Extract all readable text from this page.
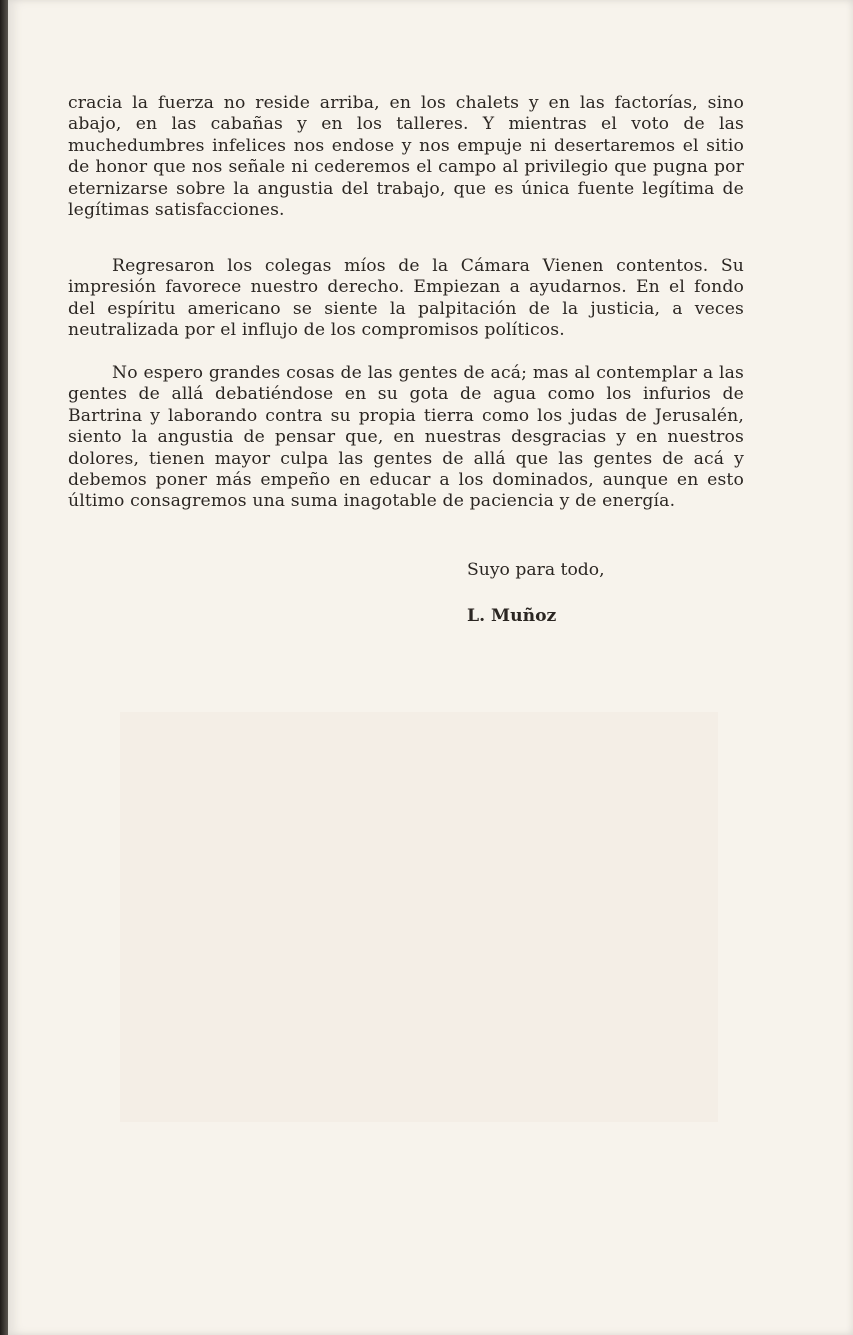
cracia la fuerza no reside arriba, en los chalets y en las factorías, sino abajo, en las cabañas y en los talleres. Y mientras el voto de las muchedumbres infelices nos endose y nos empuje ni desertaremos el sitio de honor que nos señale ni cederemos el campo al privilegio que pugna por eternizarse sobre la angustia del trabajo, que es única fuente legítima de legítimas satisfacciones.

Regresaron los colegas míos de la Cámara Vienen contentos. Su impresión favorece nuestro derecho. Empiezan a ayudarnos. En el fondo del espíritu americano se siente la palpitación de la justicia, a veces neutralizada por el influjo de los compromisos políticos.

No espero grandes cosas de las gentes de acá; mas al contemplar a las gentes de allá debatiéndose en su gota de agua como los infurios de Bartrina y laborando contra su propia tierra como los judas de Jerusalén, siento la angustia de pensar que, en nuestras desgracias y en nuestros dolores, tienen mayor culpa las gentes de allá que las gentes de acá y debemos poner más empeño en educar a los dominados, aunque en esto último consagremos una suma inagotable de paciencia y de energía.

Suyo para todo,
L. Muñoz
